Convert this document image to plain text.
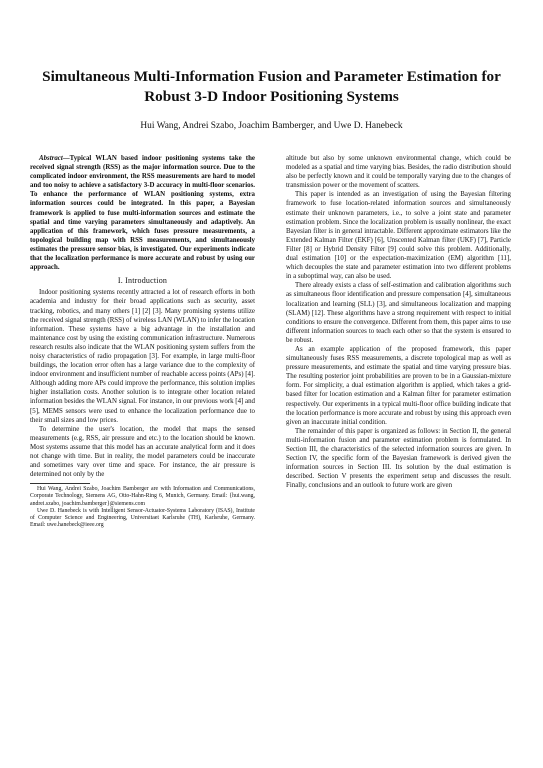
Simultaneous Multi-Information Fusion and Parameter Estimation for Robust 3-D Indoor Positioning Systems
Hui Wang, Andrei Szabo, Joachim Bamberger, and Uwe D. Hanebeck

Abstract—Typical WLAN based indoor positioning systems take the received signal strength (RSS) as the major information source. Due to the complicated indoor environment, the RSS measurements are hard to model and too noisy to achieve a satisfactory 3-D accuracy in multi-floor scenarios. To enhance the performance of WLAN positioning systems, extra information sources could be integrated. In this paper, a Bayesian framework is applied to fuse multi-information sources and estimate the spatial and time varying parameters simultaneously and adaptively. An application of this framework, which fuses pressure measurements, a topological building map with RSS measurements, and simultaneously estimates the pressure sensor bias, is investigated. Our experiments indicate that the localization performance is more accurate and robust by using our approach.

I. Introduction

Indoor positioning systems recently attracted a lot of research efforts in both academia and industry for their broad applications such as security, asset tracking, robotics, and many others [1] [2] [3]. Many promising systems utilize the received signal strength (RSS) of wireless LAN (WLAN) to infer the location information. These systems have a big advantage in the installation and maintenance cost by using the existing communication infrastructure. Numerous research results also indicate that the WLAN positioning system suffers from the noisy characteristics of radio propagation [3]. For example, in large multi-floor buildings, the location error often has a large variance due to the complexity of indoor environment and insufficient number of reachable access points (APs) [4]. Although adding more APs could improve the performance, this solution implies higher installation costs. Another solution is to integrate other location related information besides the WLAN signal. For instance, in our previous work [4] and [5], MEMS sensors were used to enhance the localization performance due to their small sizes and low prices.

To determine the user's location, the model that maps the sensed measurements (e.g, RSS, air pressure and etc.) to the location should be known. Most systems assume that this model has an accurate analytical form and it does not change with time. But in reality, the model parameters could be inaccurate and sometimes vary over time and space. For instance, the air pressure is determined not only by the

Hui Wang, Andrei Szabo, Joachim Bamberger are with Information and Communications, Corporate Technology, Siemens AG, Otto-Hahn-Ring 6, Munich, Germany. Email: {hui.wang, andrei.szabo, joachim.bamberger}@siemens.com

Uwe D. Hanebeck is with Intelligent Sensor-Actuator-Systems Laboratory (ISAS), Institute of Computer Science and Engineering, Universitaet Karlsruhe (TH), Karlsruhe, Germany. Email: uwe.hanebeck@ieee.org

altitude but also by some unknown environmental change, which could be modeled as a spatial and time varying bias. Besides, the radio distribution should also be perfectly known and it could be temporally varying due to the changes of transmission power or the movement of scatters.

This paper is intended as an investigation of using the Bayesian filtering framework to fuse location-related information sources and simultaneously estimate their unknown parameters, i.e., to solve a joint state and parameter estimation problem. Since the localization problem is usually nonlinear, the exact Bayesian filter is in general intractable. Different approximate estimators like the Extended Kalman Filter (EKF) [6], Unscented Kalman filter (UKF) [7], Particle Filter [8] or Hybrid Density Filter [9] could solve this problem. Additionally, dual estimation [10] or the expectation-maximization (EM) algorithm [11], which decouples the state and parameter estimation into two different problems in a suboptimal way, can also be used.

There already exists a class of self-estimation and calibration algorithms such as simultaneous floor identification and pressure compensation [4], simultaneous localization and learning (SLL) [3], and simultaneous localization and mapping (SLAM) [12]. These algorithms have a strong requirement with respect to initial conditions to ensure the convergence. Different from them, this paper aims to use different information sources to teach each other so that the system is ensured to be robust.

As an example application of the proposed framework, this paper simultaneously fuses RSS measurements, a discrete topological map as well as pressure measurements, and estimate the spatial and time varying pressure bias. The resulting posterior joint probabilities are proven to be in a Gaussian-mixture form. For simplicity, a dual estimation algorithm is applied, which takes a grid-based filter for location estimation and a Kalman filter for parameter estimation respectively. Our experiments in a typical multi-floor office building indicate that the location performance is more accurate and robust by using this approach even given an inaccurate initial condition.

The remainder of this paper is organized as follows: in Section II, the general multi-information fusion and parameter estimation problem is formulated. In Section III, the characteristics of the selected information sources are given. In Section IV, the specific form of the Bayesian framework is derived given the information sources in Section III. Its solution by the dual estimation is described. Section V presents the experiment setup and discusses the result. Finally, conclusions and an outlook to future work are given
